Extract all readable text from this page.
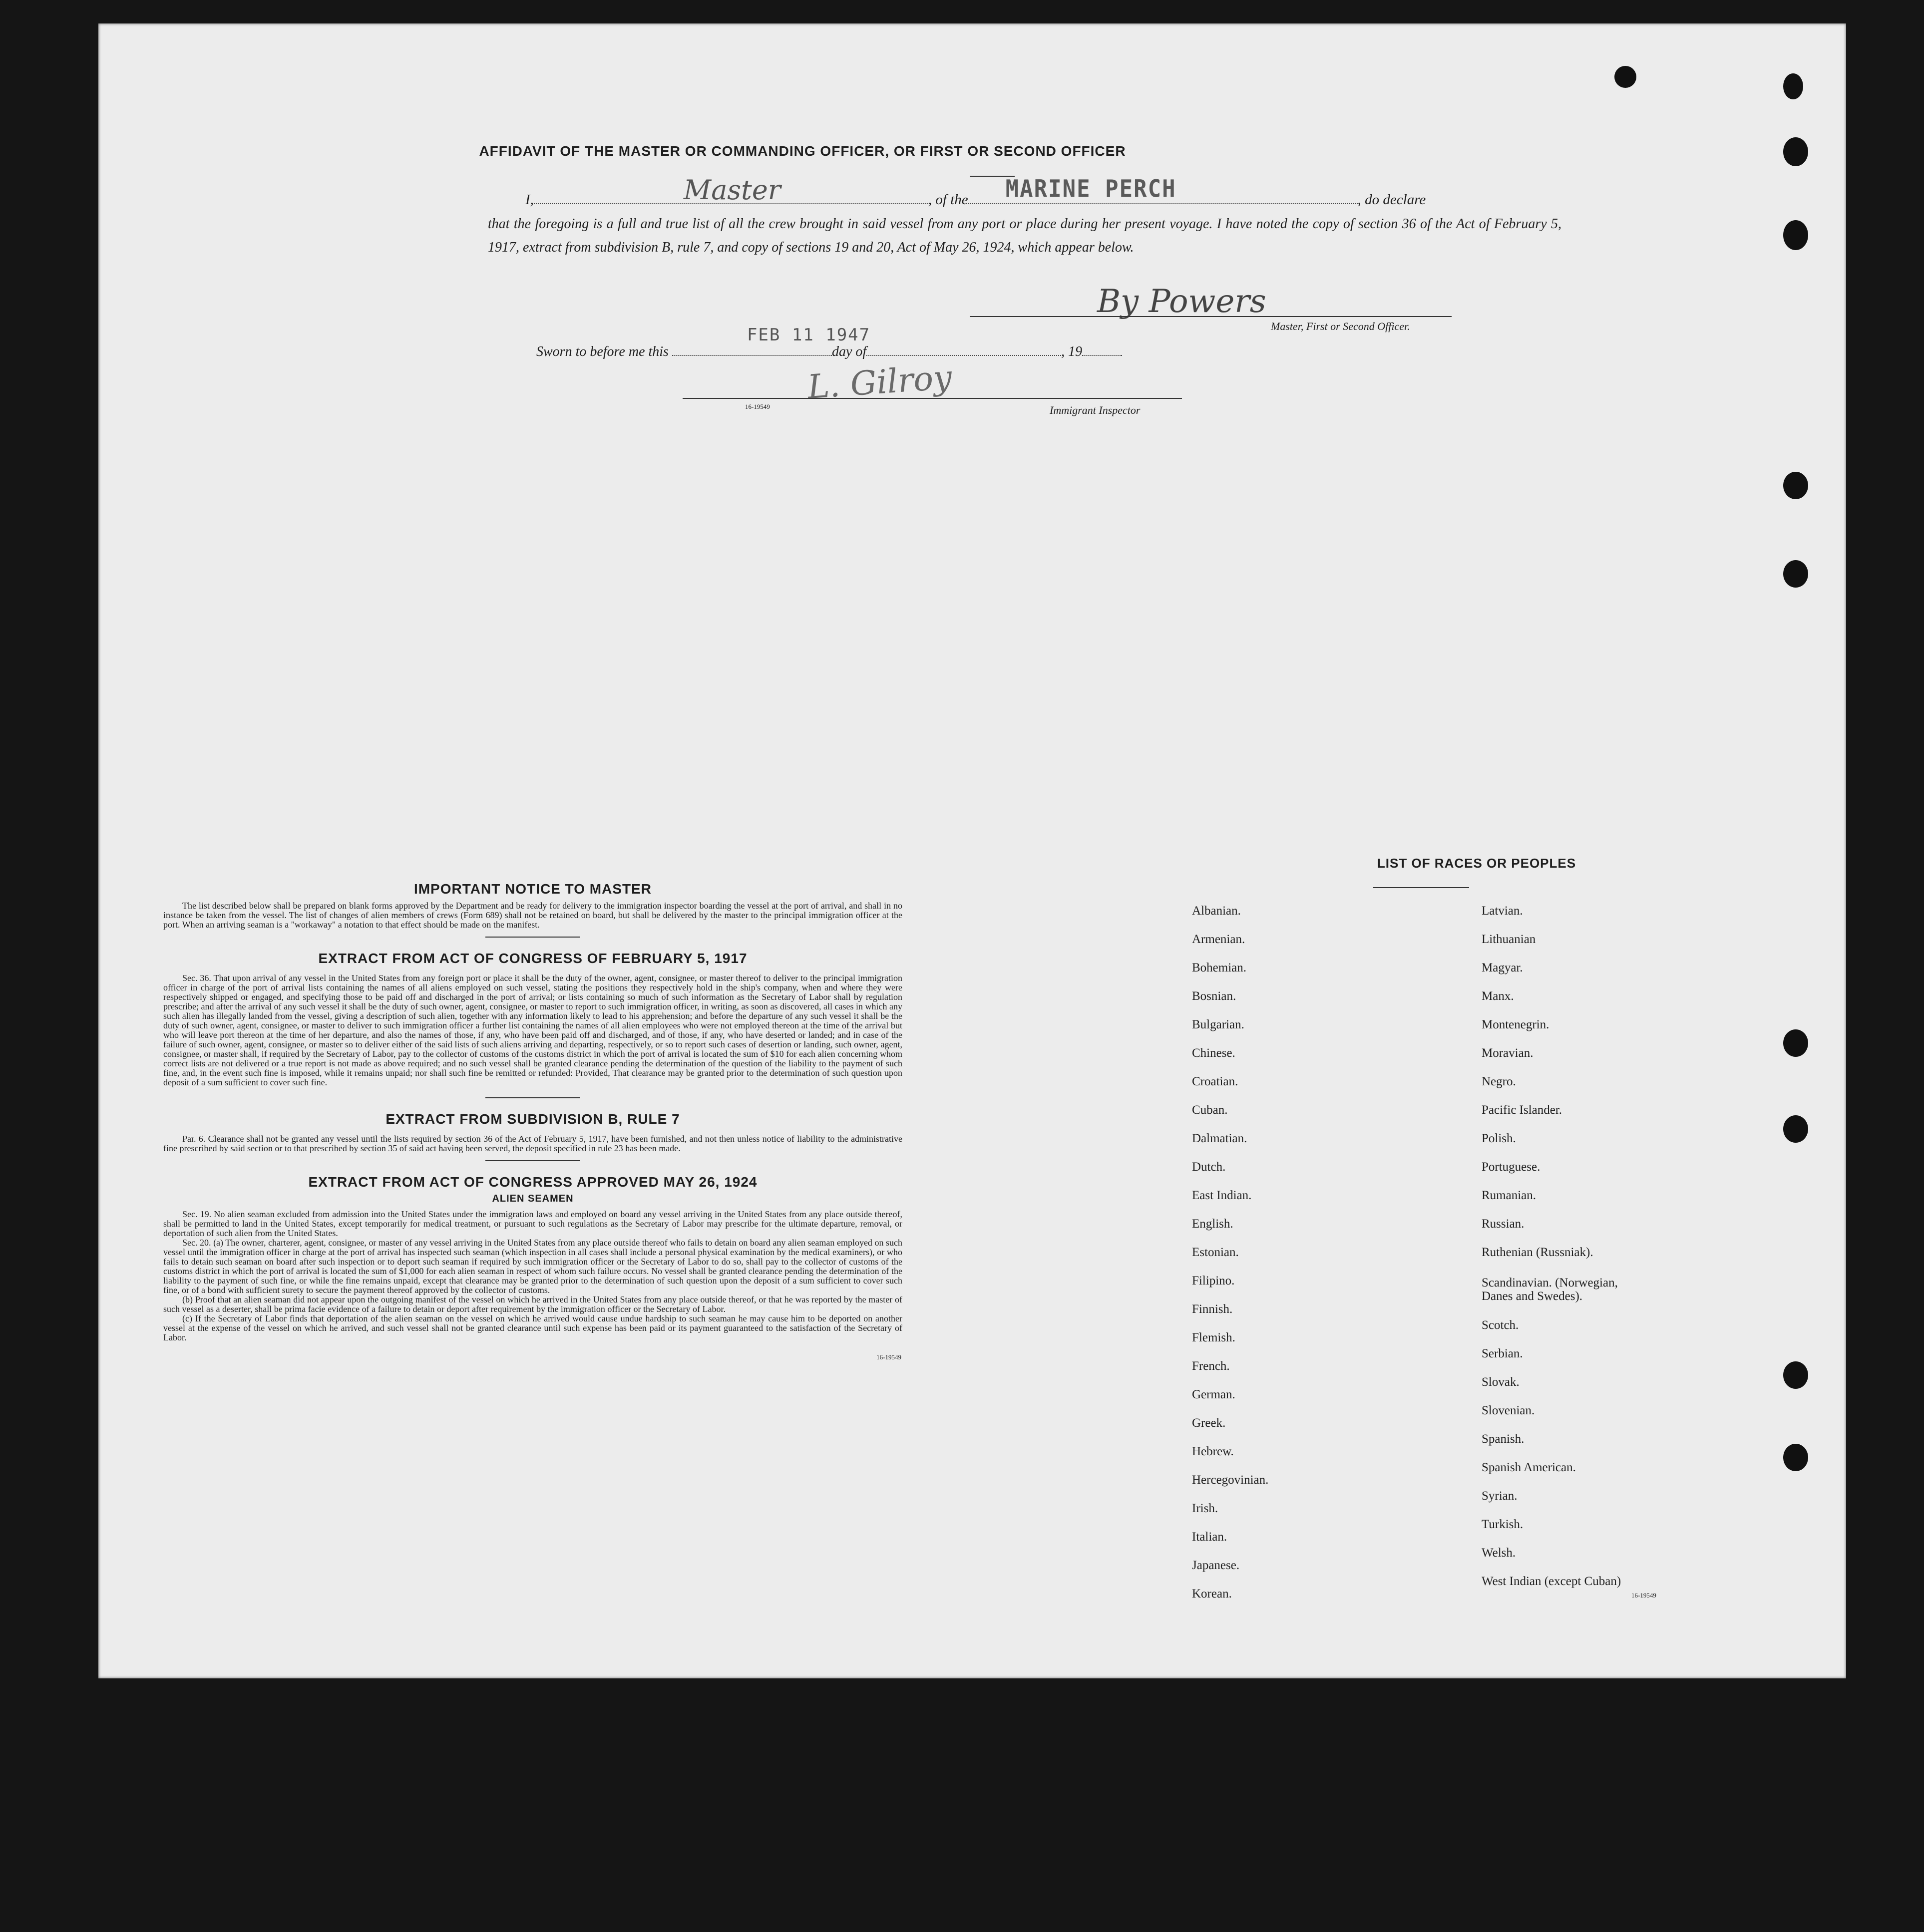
AFFIDAVIT OF THE MASTER OR COMMANDING OFFICER, OR FIRST OR SECOND OFFICER
I,	Master	, of the MARINE PERCH	, do declare
that the foregoing is a full and true list of all the crew brought in said vessel from any port or place during her present voyage. I have noted the copy of section 36 of the Act of February 5, 1917, extract from subdivision B, rule 7, and copy of sections 19 and 20, Act of May 26, 1924, which appear below.
By Powers
Master, First or Second Officer.
Sworn to before me this
FEB 11 1947
day of	, 19
L. Gilroy
16-19549	Immigrant Inspector
IMPORTANT NOTICE TO MASTER

The list described below shall be prepared on blank forms approved by the Department and be ready for delivery to the immigration inspector boarding the vessel at the port of arrival, and shall in no instance be taken from the vessel. The list of changes of alien members of crews (Form 689) shall not be retained on board, but shall be delivered by the master to the principal immigration officer at the port. When an arriving seaman is a "workaway" a notation to that effect should be made on the manifest.

EXTRACT FROM ACT OF CONGRESS OF FEBRUARY 5, 1917

Sec. 36. That upon arrival of any vessel in the United States from any foreign port or place it shall be the duty of the owner, agent, consignee, or master thereof to deliver to the principal immigration officer in charge of the port of arrival lists containing the names of all aliens employed on such vessel, stating the positions they respectively hold in the ship's company, when and where they were respectively shipped or engaged, and specifying those to be paid off and discharged in the port of arrival; or lists containing so much of such information as the Secretary of Labor shall by regulation prescribe; and after the arrival of any such vessel it shall be the duty of such owner, agent, consignee, or master to report to such immigration officer, in writing, as soon as discovered, all cases in which any such alien has illegally landed from the vessel, giving a description of such alien, together with any information likely to lead to his apprehension; and before the departure of any such vessel it shall be the duty of such owner, agent, consignee, or master to deliver to such immigration officer a further list containing the names of all alien employees who were not employed thereon at the time of the arrival but who will leave port thereon at the time of her departure, and also the names of those, if any, who have been paid off and discharged, and of those, if any, who have deserted or landed; and in case of the failure of such owner, agent, consignee, or master so to deliver either of the said lists of such aliens arriving and departing, respectively, or so to report such cases of desertion or landing, such owner, agent, consignee, or master shall, if required by the Secretary of Labor, pay to the collector of customs of the customs district in which the port of arrival is located the sum of $10 for each alien concerning whom correct lists are not delivered or a true report is not made as above required; and no such vessel shall be granted clearance pending the determination of the question of the liability to the payment of such fine, and, in the event such fine is imposed, while it remains unpaid; nor shall such fine be remitted or refunded: Provided, That clearance may be granted prior to the determination of such question upon deposit of a sum sufficient to cover such fine.

EXTRACT FROM SUBDIVISION B, RULE 7

Par. 6. Clearance shall not be granted any vessel until the lists required by section 36 of the Act of February 5, 1917, have been furnished, and not then unless notice of liability to the administrative fine prescribed by said section or to that prescribed by section 35 of said act having been served, the deposit specified in rule 23 has been made.

EXTRACT FROM ACT OF CONGRESS APPROVED MAY 26, 1924
ALIEN SEAMEN

Sec. 19. No alien seaman excluded from admission into the United States under the immigration laws and employed on board any vessel arriving in the United States from any place outside thereof, shall be permitted to land in the United States, except temporarily for medical treatment, or pursuant to such regulations as the Secretary of Labor may prescribe for the ultimate departure, removal, or deportation of such alien from the United States.

Sec. 20. (a) The owner, charterer, agent, consignee, or master of any vessel arriving in the United States from any place outside thereof who fails to detain on board any alien seaman employed on such vessel until the immigration officer in charge at the port of arrival has inspected such seaman (which inspection in all cases shall include a personal physical examination by the medical examiners), or who fails to detain such seaman on board after such inspection or to deport such seaman if required by such immigration officer or the Secretary of Labor to do so, shall pay to the collector of customs of the customs district in which the port of arrival is located the sum of $1,000 for each alien seaman in respect of whom such failure occurs. No vessel shall be granted clearance pending the determination of the liability to the payment of such fine, or while the fine remains unpaid, except that clearance may be granted prior to the determination of such question upon the deposit of a sum sufficient to cover such fine, or of a bond with sufficient surety to secure the payment thereof approved by the collector of customs.

(b) Proof that an alien seaman did not appear upon the outgoing manifest of the vessel on which he arrived in the United States from any place outside thereof, or that he was reported by the master of such vessel as a deserter, shall be prima facie evidence of a failure to detain or deport after requirement by the immigration officer or the Secretary of Labor.

(c) If the Secretary of Labor finds that deportation of the alien seaman on the vessel on which he arrived would cause undue hardship to such seaman he may cause him to be deported on another vessel at the expense of the vessel on which he arrived, and such vessel shall not be granted clearance until such expense has been paid or its payment guaranteed to the satisfaction of the Secretary of Labor.

16-19549
LIST OF RACES OR PEOPLES
Albanian.
Armenian.
Bohemian.
Bosnian.
Bulgarian.
Chinese.
Croatian.
Cuban.
Dalmatian.
Dutch.
East Indian.
English.
Estonian.
Filipino.
Finnish.
Flemish.
French.
German.
Greek.
Hebrew.
Hercegovinian.
Irish.
Italian.
Japanese.
Korean.
Latvian.
Lithuanian
Magyar.
Manx.
Montenegrin.
Moravian.
Negro.
Pacific Islander.
Polish.
Portuguese.
Rumanian.
Russian.
Ruthenian (Russniak).
Scandinavian. (Norwegian, Danes and Swedes).
Scotch.
Serbian.
Slovak.
Slovenian.
Spanish.
Spanish American.
Syrian.
Turkish.
Welsh.
West Indian (except Cuban)
16-19549
